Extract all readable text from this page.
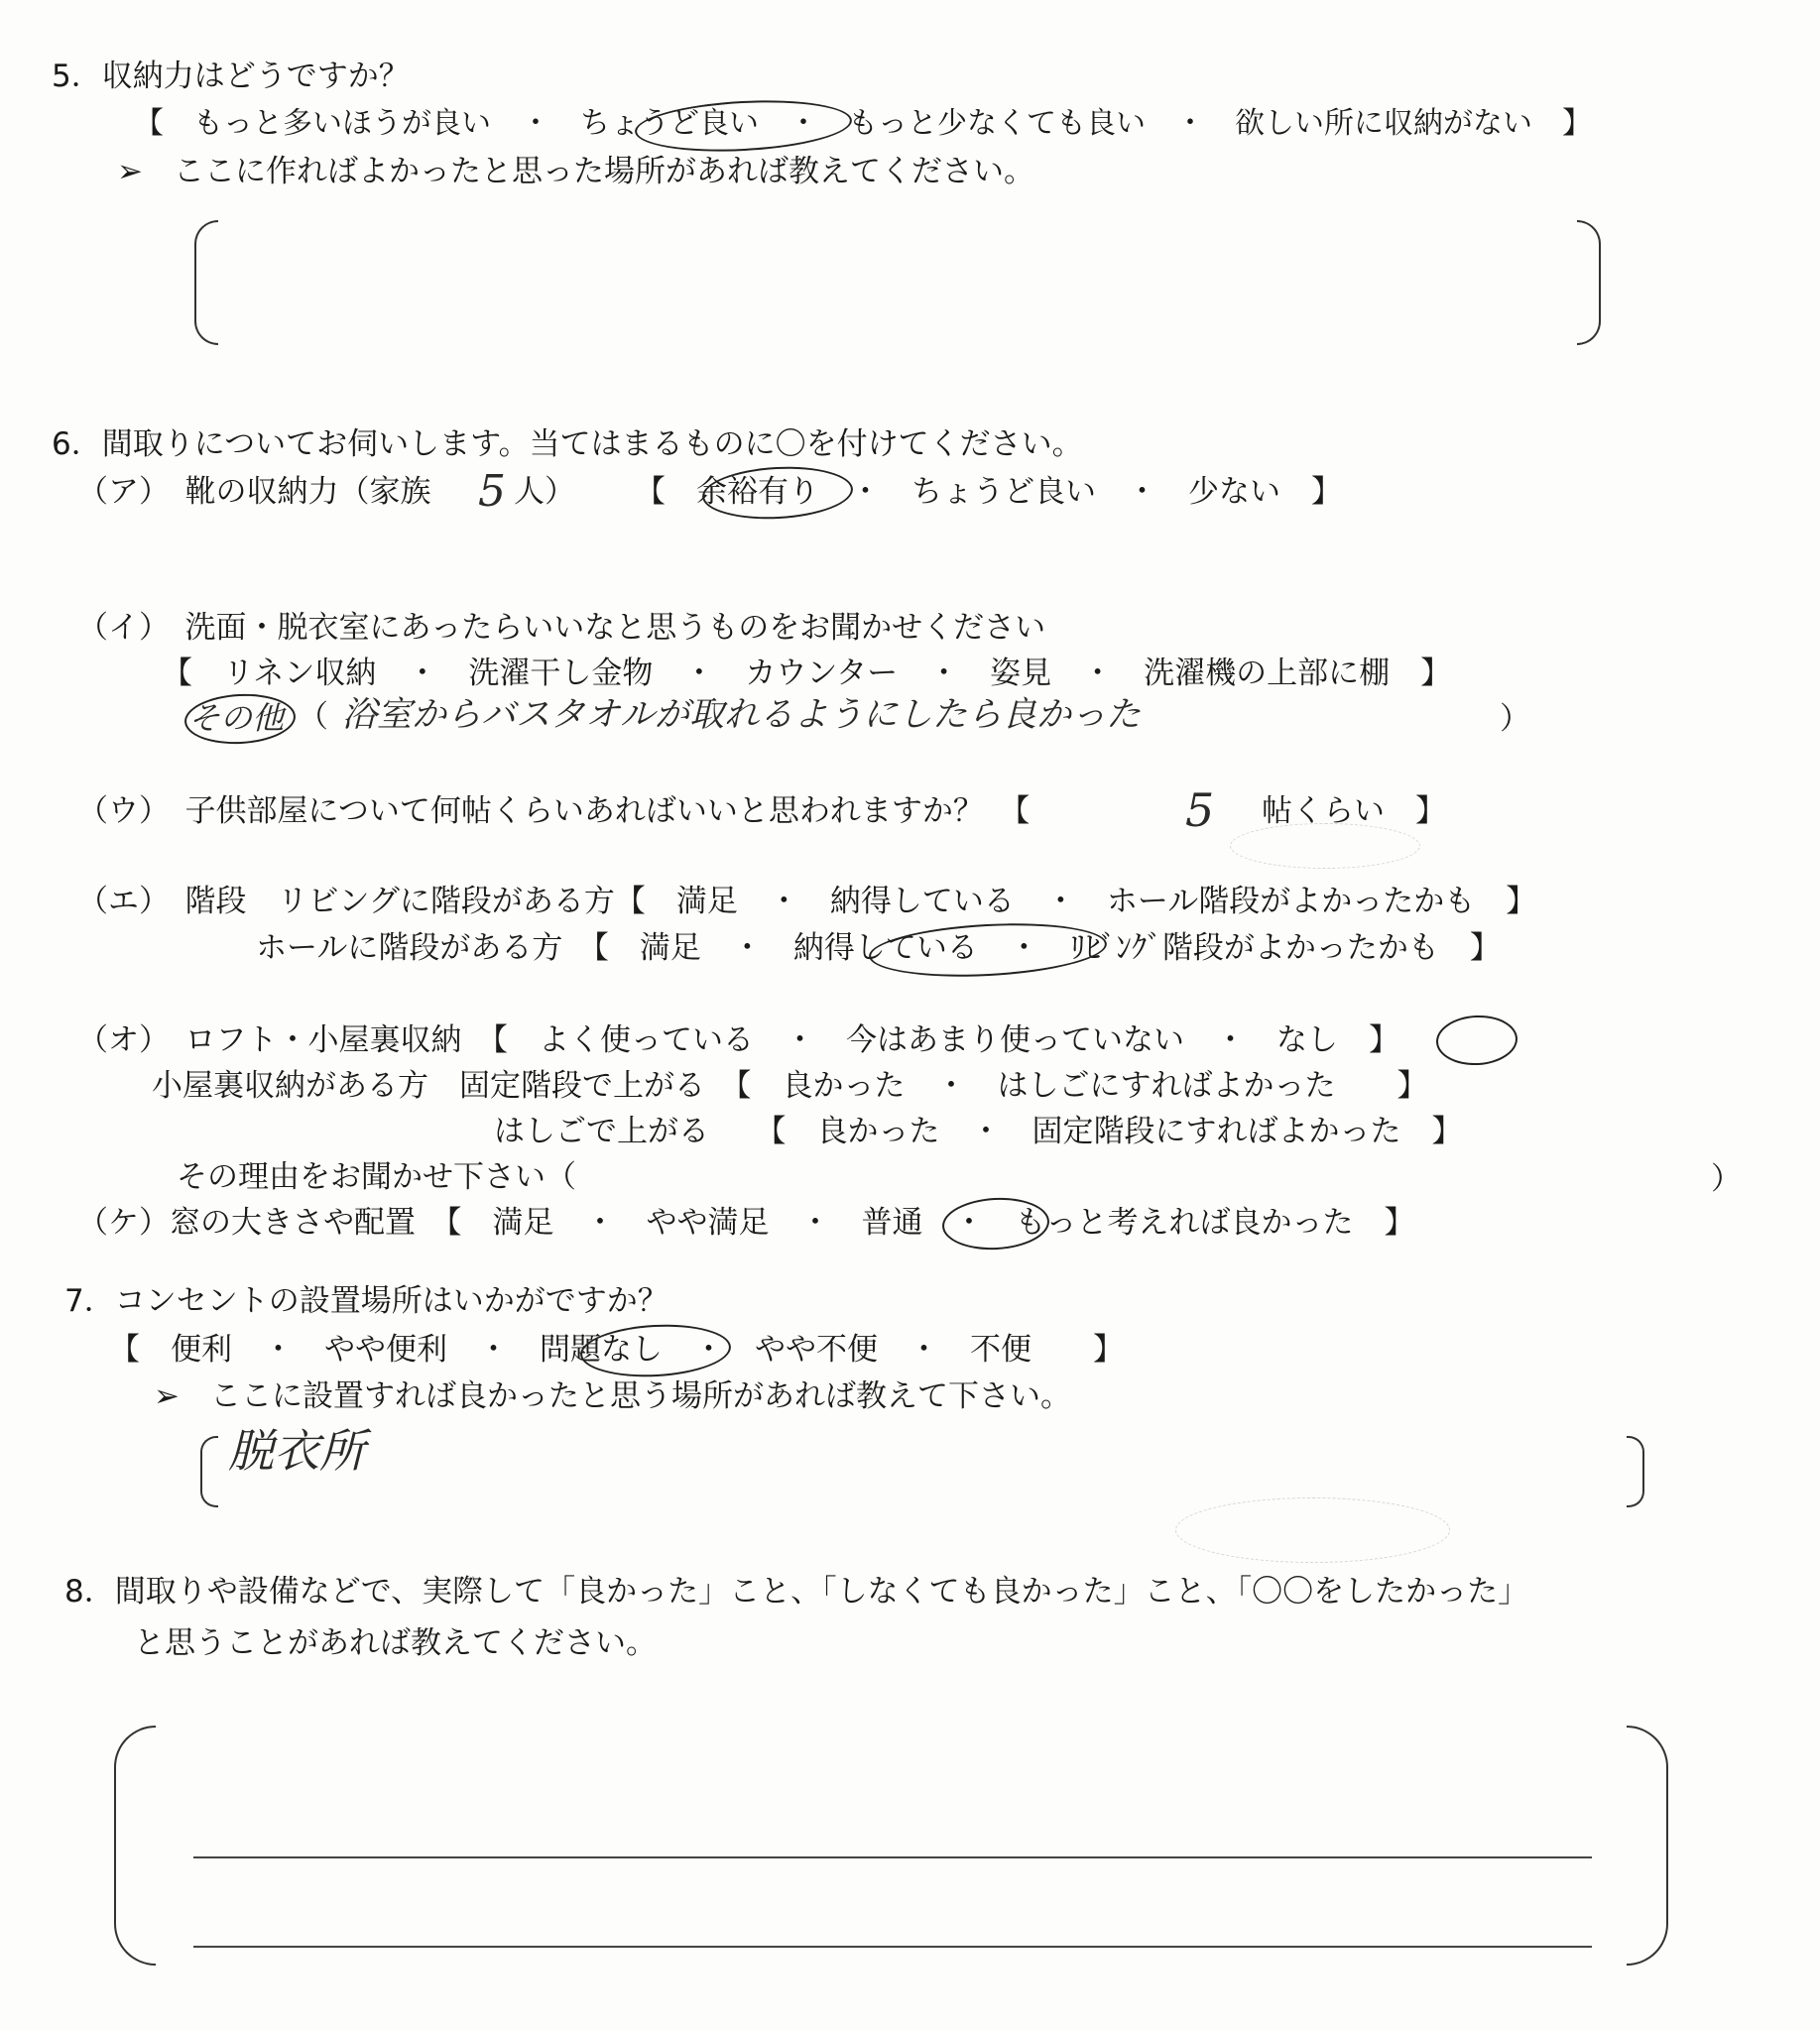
5．収納力はどうですか？
【　もっと多いほうが良い　・　ちょうど良い　・　もっと少なくても良い　・　欲しい所に収納がない　】
➢　ここに作ればよかったと思った場所があれば教えてください。
6．間取りについてお伺いします。当てはまるものに〇を付けてください。
（ア）　靴の収納力（家族 5 人） 【　余裕有り　・　ちょうど良い　・　少ない　】
（イ）　洗面・脱衣室にあったらいいなと思うものをお聞かせください
【　リネン収納　・　洗濯干し金物　・　カウンター　・　姿見　・　洗濯機の上部に棚　】
その他 （ 浴室からバスタオルが取れるようにしたら良かった	）
（ウ）　子供部屋について何帖くらいあればいいと思われますか？　【	5 帖くらい　】
（エ）　階段　リビングに階段がある方【　満足　・　納得している　・　ホール階段がよかったかも　】
ホールに階段がある方　【　満足　・　納得している　・　ﾘﾋﾞﾝｸﾞ階段がよかったかも　】
（オ）　ロフト・小屋裏収納　【　よく使っている　・　今はあまり使っていない　・　なし　】
小屋裏収納がある方　固定階段で上がる　【　良かった　・　はしごにすればよかった　　】
はしごで上がる　　【　良かった　・　固定階段にすればよかった　】
その理由をお聞かせ下さい（	）
（ケ）窓の大きさや配置　【　満足　・　やや満足　・　普通　・　もっと考えれば良かった　】
7．コンセントの設置場所はいかがですか？
【　便利　・　やや便利　・　問題なし　・　やや不便　・　不便　　】
➢　ここに設置すれば良かったと思う場所があれば教えて下さい。
脱衣所
8．間取りや設備などで、実際して「良かった」こと、「しなくても良かった」こと、「〇〇をしたかった」
と思うことがあれば教えてください。
